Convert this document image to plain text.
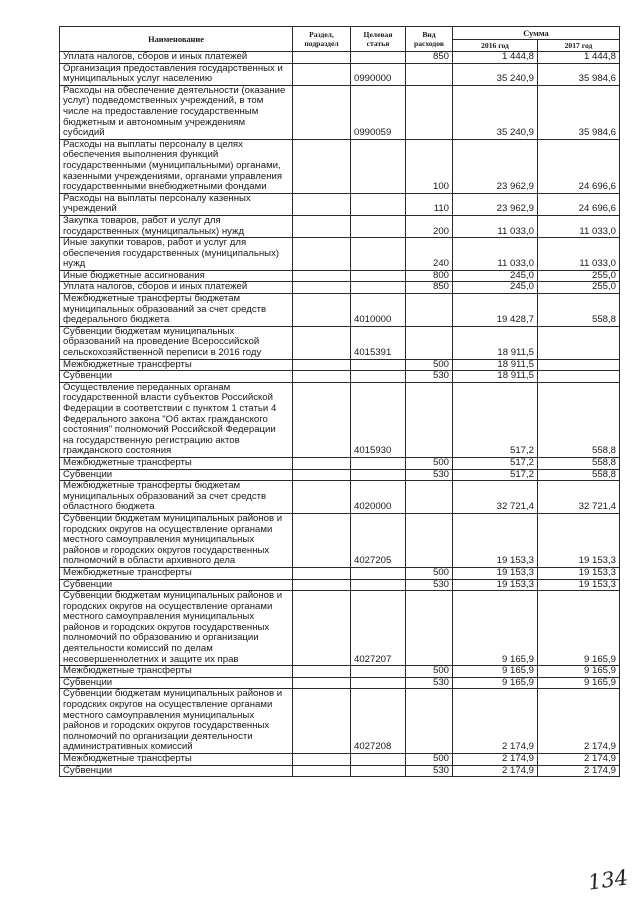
Наименование	Раздел, подраздел	Целевая статья	Вид расходов	Сумма	
				2016 год	2017 год
Уплата налогов, сборов и иных платежей			850	1 444,8	1 444,8
Организация предоставления государственных и муниципальных услуг населению		0990000		35 240,9	35 984,6
Расходы на обеспечение деятельности (оказание услуг) подведомственных учреждений, в том числе на предоставление государственным бюджетным и автономным учреждениям субсидий		0990059		35 240,9	35 984,6
Расходы на выплаты персоналу в целях обеспечения выполнения функций государственными (муниципальными) органами, казенными учреждениями, органами управления государственными внебюджетными фондами			100	23 962,9	24 696,6
Расходы на выплаты персоналу казенных учреждений			110	23 962,9	24 696,6
Закупка товаров, работ и услуг для государственных (муниципальных) нужд			200	11 033,0	11 033,0
Иные закупки товаров, работ и услуг для обеспечения государственных (муниципальных) нужд			240	11 033,0	11 033,0
Иные бюджетные ассигнования			800	245,0	255,0
Уплата налогов, сборов и иных платежей			850	245,0	255,0
Межбюджетные трансферты бюджетам муниципальных образований за счет средств федерального бюджета		4010000		19 428,7	558,8
Субвенции бюджетам муниципальных образований на проведение Всероссийской сельскохозяйственной переписи в 2016 году		4015391		18 911,5	
Межбюджетные трансферты			500	18 911,5	
Субвенции			530	18 911,5	
Осуществление переданных органам государственной власти субъектов Российской Федерации в соответствии с пунктом 1 статьи 4 Федерального закона "Об актах гражданского состояния" полномочий Российской Федерации на государственную регистрацию актов гражданского состояния		4015930		517,2	558,8
Межбюджетные трансферты			500	517,2	558,8
Субвенции			530	517,2	558,8
Межбюджетные трансферты бюджетам муниципальных образований за счет средств областного бюджета		4020000		32 721,4	32 721,4
Субвенции бюджетам муниципальных районов и городских округов на осуществление органами местного самоуправления муниципальных районов и городских округов государственных полномочий в области архивного дела		4027205		19 153,3	19 153,3
Межбюджетные трансферты			500	19 153,3	19 153,3
Субвенции			530	19 153,3	19 153,3
Субвенции бюджетам муниципальных районов и городских округов на осуществление органами местного самоуправления муниципальных районов и городских округов государственных полномочий по образованию и организации деятельности комиссий по делам несовершеннолетних и защите их прав		4027207		9 165,9	9 165,9
Межбюджетные трансферты			500	9 165,9	9 165,9
Субвенции			530	9 165,9	9 165,9
Субвенции бюджетам муниципальных районов и городских округов на осуществление органами местного самоуправления муниципальных районов и городских округов государственных полномочий по организации деятельности административных комиссий		4027208		2 174,9	2 174,9
Межбюджетные трансферты			500	2 174,9	2 174,9
Субвенции			530	2 174,9	2 174,9
134
